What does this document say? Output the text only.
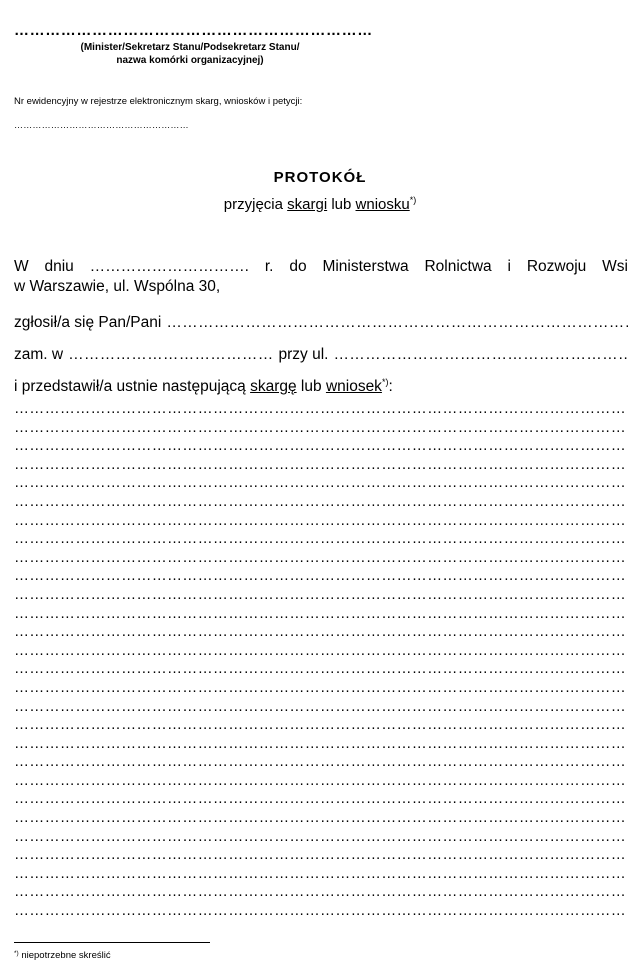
……………………………………………………………
(Minister/Sekretarz Stanu/Podsekretarz Stanu/
nazwa komórki organizacyjnej)
Nr ewidencyjny w rejestrze elektronicznym skarg, wniosków i petycji:
…………………………………………………
PROTOKÓŁ
przyjęcia skargi lub wniosku*)
W dniu …………………………. r. do Ministerstwa Rolnictwa i Rozwoju Wsi
w Warszawie, ul. Wspólna 30,
zgłosił/a się Pan/Pani
……………………………………………………………………………………………………………………………………………………
zam. w ………………………………… przy ul.
……………………………………………………………………………………………………………………………………………………
i przedstawił/a ustnie następującą skargę lub wniosek *) :
………………………………………………………………………………………………………………………………………………
………………………………………………………………………………………………………………………………………………
………………………………………………………………………………………………………………………………………………
………………………………………………………………………………………………………………………………………………
………………………………………………………………………………………………………………………………………………
………………………………………………………………………………………………………………………………………………
………………………………………………………………………………………………………………………………………………
………………………………………………………………………………………………………………………………………………
………………………………………………………………………………………………………………………………………………
………………………………………………………………………………………………………………………………………………
………………………………………………………………………………………………………………………………………………
………………………………………………………………………………………………………………………………………………
………………………………………………………………………………………………………………………………………………
………………………………………………………………………………………………………………………………………………
………………………………………………………………………………………………………………………………………………
………………………………………………………………………………………………………………………………………………
………………………………………………………………………………………………………………………………………………
………………………………………………………………………………………………………………………………………………
………………………………………………………………………………………………………………………………………………
………………………………………………………………………………………………………………………………………………
………………………………………………………………………………………………………………………………………………
………………………………………………………………………………………………………………………………………………
………………………………………………………………………………………………………………………………………………
………………………………………………………………………………………………………………………………………………
………………………………………………………………………………………………………………………………………………
………………………………………………………………………………………………………………………………………………
………………………………………………………………………………………………………………………………………………
………………………………………………………………………………………………………………………………………………
*) niepotrzebne skreślić
